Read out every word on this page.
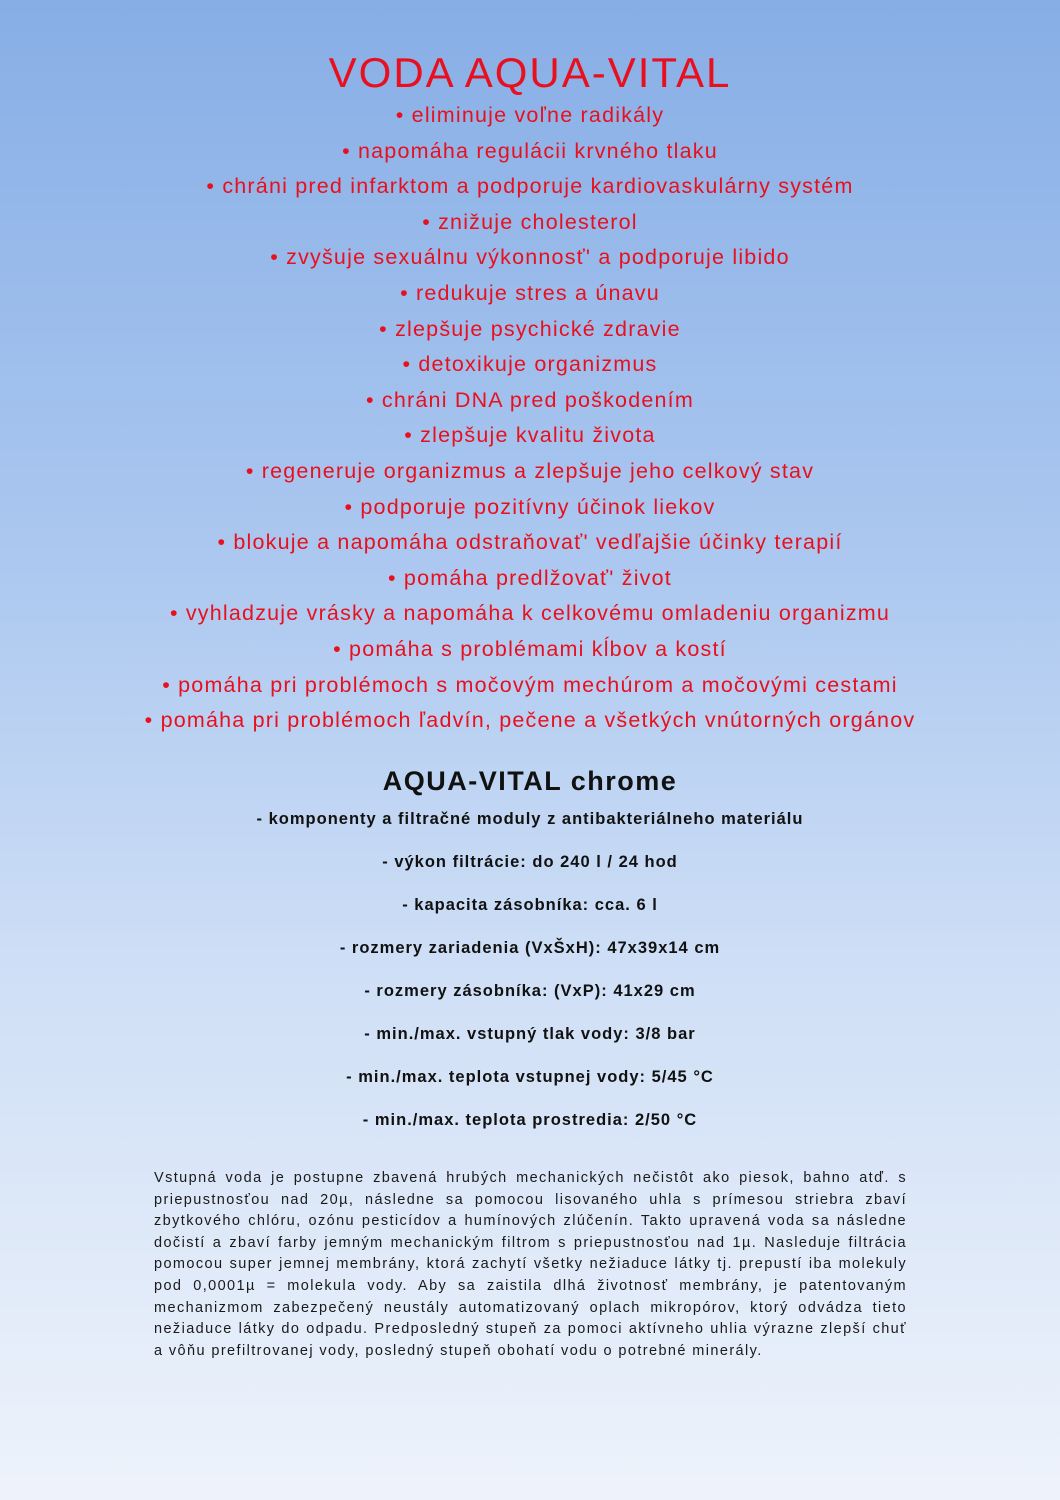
VODA AQUA-VITAL
• eliminuje voľne radikály
• napomáha regulácii krvného tlaku
• chráni pred infarktom a podporuje kardiovaskulárny systém
• znižuje cholesterol
• zvyšuje sexuálnu výkonnosť' a podporuje libido
• redukuje stres a únavu
• zlepšuje psychické zdravie
• detoxikuje organizmus
• chráni DNA pred poškodením
• zlepšuje kvalitu života
• regeneruje organizmus a zlepšuje jeho celkový stav
• podporuje pozitívny účinok liekov
• blokuje a napomáha odstraňovať' vedľajšie účinky terapií
• pomáha predlžovať' život
• vyhladzuje vrásky a napomáha k celkovému omladeniu organizmu
• pomáha s problémami kĺbov a kostí
• pomáha pri problémoch s močovým mechúrom a močovými cestami
• pomáha pri problémoch ľadvín, pečene a všetkých vnútorných orgánov
AQUA-VITAL chrome
- komponenty a filtračné moduly z antibakteriálneho materiálu
- výkon filtrácie: do 240 l / 24 hod
- kapacita zásobníka: cca. 6 l
- rozmery zariadenia (VxŠxH): 47x39x14 cm
- rozmery zásobníka: (VxP): 41x29 cm
- min./max. vstupný tlak vody: 3/8 bar
- min./max. teplota vstupnej vody: 5/45 °C
- min./max. teplota prostredia: 2/50 °C

Vstupná voda je postupne zbavená hrubých mechanických nečistôt ako piesok, bahno atď. s priepustnosťou nad 20µ, následne sa pomocou lisovaného uhla s prímesou striebra zbaví zbytkového chlóru, ozónu pesticídov a humínových zlúčenín. Takto upravená voda sa následne dočistí a zbaví farby jemným mechanickým filtrom s priepustnosťou nad 1µ. Nasleduje filtrácia pomocou super jemnej membrány, ktorá zachytí všetky nežiaduce látky tj. prepustí iba molekuly pod 0,0001µ = molekula vody. Aby sa zaistila dlhá životnosť membrány, je patentovaným mechanizmom zabezpečený neustály automatizovaný oplach mikropórov, ktorý odvádza tieto nežiaduce látky do odpadu. Predposledný stupeň za pomoci aktívneho uhlia výrazne zlepší chuť a vôňu prefiltrovanej vody, posledný stupeň obohatí vodu o potrebné minerály.
